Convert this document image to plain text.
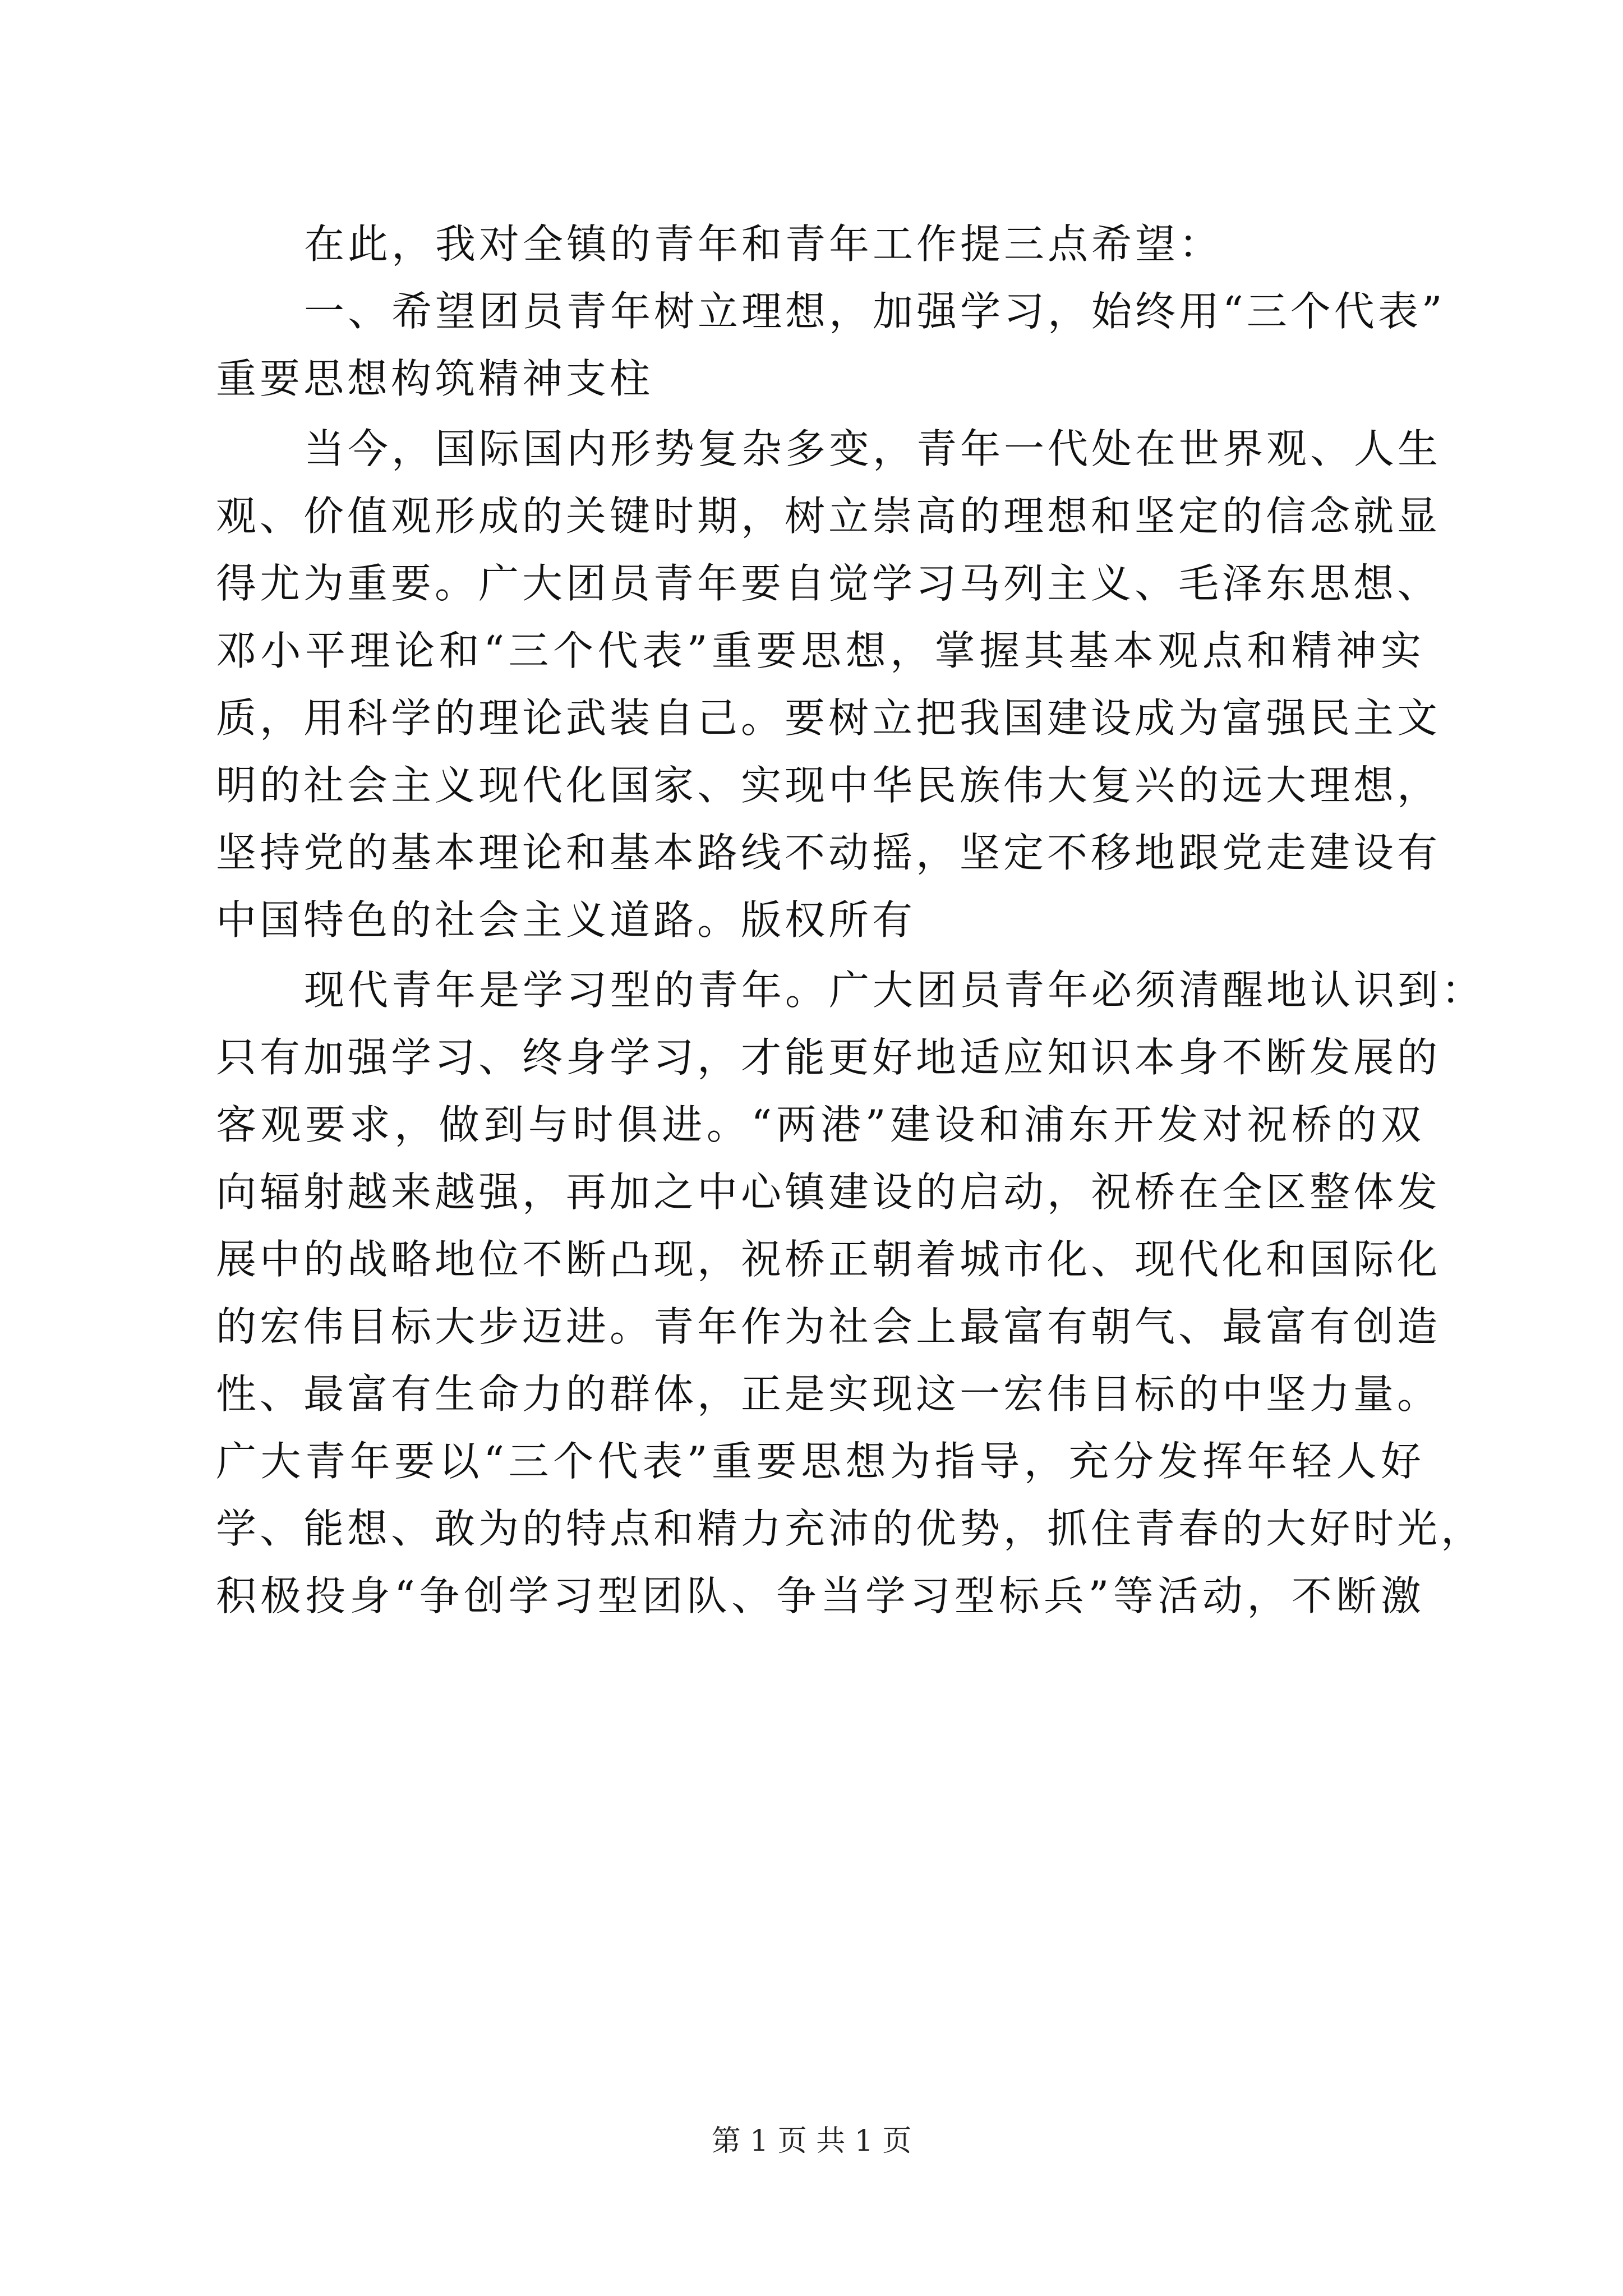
在此，我对全镇的青年和青年工作提三点希望：
一、希望团员青年树立理想，加强学习，始终用“三个代表”
重要思想构筑精神支柱
当今，国际国内形势复杂多变，青年一代处在世界观、人生
观、价值观形成的关键时期，树立崇高的理想和坚定的信念就显
得尤为重要。广大团员青年要自觉学习马列主义、毛泽东思想、
邓小平理论和“三个代表”重要思想，掌握其基本观点和精神实
质，用科学的理论武装自己。要树立把我国建设成为富强民主文
明的社会主义现代化国家、实现中华民族伟大复兴的远大理想，
坚持党的基本理论和基本路线不动摇，坚定不移地跟党走建设有
中国特色的社会主义道路。版权所有
现代青年是学习型的青年。广大团员青年必须清醒地认识到：
只有加强学习、终身学习，才能更好地适应知识本身不断发展的
客观要求，做到与时俱进。“两港”建设和浦东开发对祝桥的双
向辐射越来越强，再加之中心镇建设的启动，祝桥在全区整体发
展中的战略地位不断凸现，祝桥正朝着城市化、现代化和国际化
的宏伟目标大步迈进。青年作为社会上最富有朝气、最富有创造
性、最富有生命力的群体，正是实现这一宏伟目标的中坚力量。
广大青年要以“三个代表”重要思想为指导，充分发挥年轻人好
学、能想、敢为的特点和精力充沛的优势，抓住青春的大好时光，
积极投身“争创学习型团队、争当学习型标兵”等活动，不断激
第 1 页 共 1 页
